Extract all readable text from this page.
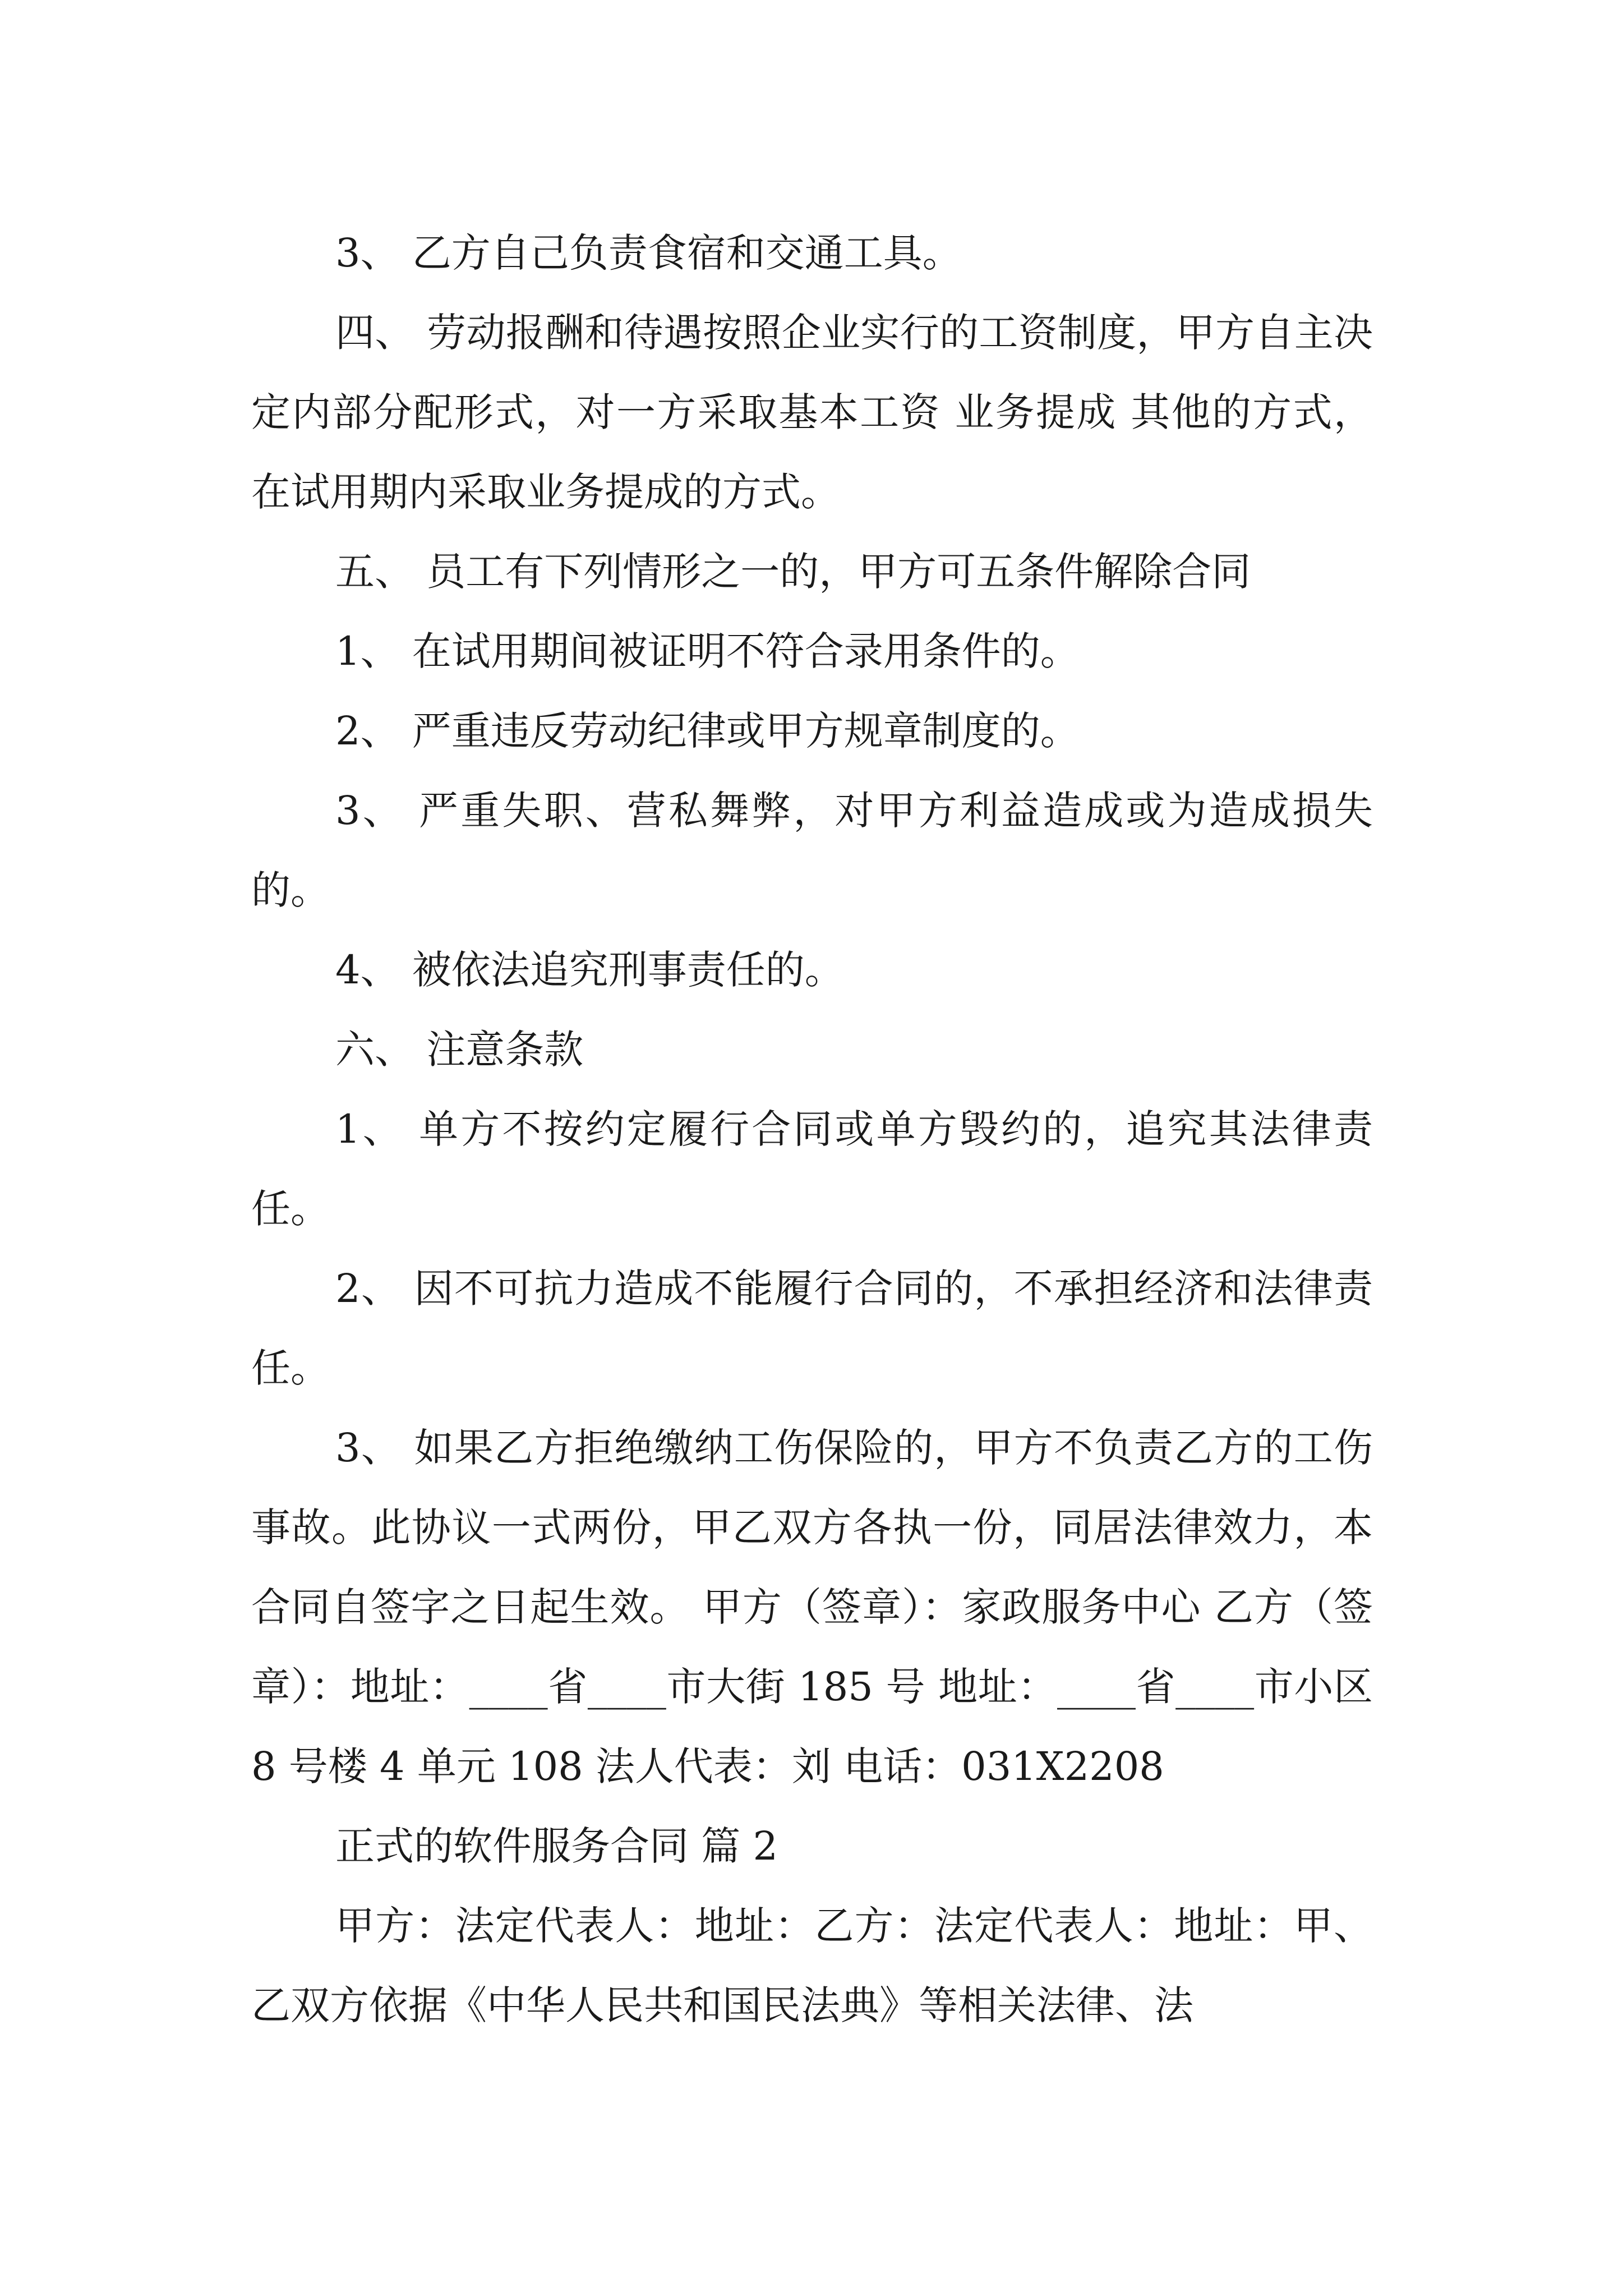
3、 乙方自己负责食宿和交通工具。

四、 劳动报酬和待遇按照企业实行的工资制度，甲方自主决定内部分配形式，对一方采取基本工资 业务提成 其他的方式，在试用期内采取业务提成的方式。

五、 员工有下列情形之一的，甲方可五条件解除合同

1、 在试用期间被证明不符合录用条件的。

2、 严重违反劳动纪律或甲方规章制度的。

3、 严重失职、营私舞弊，对甲方利益造成或为造成损失的。

4、 被依法追究刑事责任的。

六、 注意条款

1、 单方不按约定履行合同或单方毁约的，追究其法律责任。

2、 因不可抗力造成不能履行合同的，不承担经济和法律责任。

3、 如果乙方拒绝缴纳工伤保险的，甲方不负责乙方的工伤事故。此协议一式两份，甲乙双方各执一份，同居法律效力，本合同自签字之日起生效。 甲方（签章）：家政服务中心 乙方（签章）：地址：____省____市大街 185 号 地址：____省____市小区 8 号楼 4 单元 108 法人代表：刘 电话：031X2208

正式的软件服务合同 篇 2

甲方：法定代表人：地址：乙方：法定代表人：地址：甲、乙双方依据《中华人民共和国民法典》等相关法律、法
